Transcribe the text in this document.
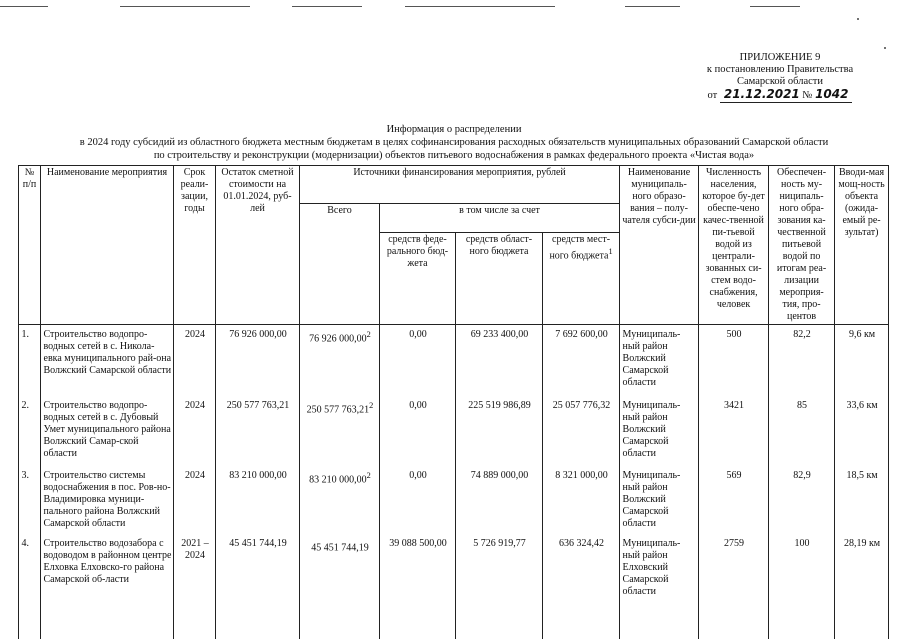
ПРИЛОЖЕНИЕ 9
к постановлению Правительства
Самарской области
от 21.12.2021 № 1042
Информация о распределении
в 2024 году субсидий из областного бюджета местным бюджетам в целях софинансирования расходных обязательств муниципальных образований Самарской области
по строительству и реконструкции (модернизации) объектов питьевого водоснабжения в рамках федерального проекта «Чистая вода»
№ п/п	Наименование мероприятия	Срок реали-зации, годы	Остаток сметной стоимости на 01.01.2024, руб-лей	Источники финансирования мероприятия, рублей				Наименование муниципаль-ного образо-вания – полу-чателя субси-дии	Численность населения, которое бу-дет обеспе-чено качес-твенной пи-тьевой водой из централи-зованных си-стем водо-снабжения, человек	Обеспечен-ность му-ниципаль-ного обра-зования ка-чественной питьевой водой по итогам реа-лизации мероприя-тия, про-центов	Вводи-мая мощ-ность объекта (ожида-емый ре-зультат)
				Всего	в том числе за счет						
					средств феде-рального бюд-жета	средств област-ного бюджета	средств мест-ного бюджета$^1$
1.	Строительство водопро-водных сетей в с. Никола-евка муниципального рай-она Волжский Самарской области	2024	76 926 000,00	76 926 000,00$^2$	0,00	69 233 400,00	7 692 600,00	Муниципаль-ный район Волжский Самарской области	500	82,2	9,6 км
2.	Строительство водопро-водных сетей в с. Дубовый Умет муниципального района Волжский Самар-ской области	2024	250 577 763,21	250 577 763,21$^2$	0,00	225 519 986,89	25 057 776,32	Муниципаль-ный район Волжский Самарской области	3421	85	33,6 км
3.	Строительство системы водоснабжения в пос. Ров-но-Владимировка муници-пального района Волжский Самарской области	2024	83 210 000,00	83 210 000,00$^2$	0,00	74 889 000,00	8 321 000,00	Муниципаль-ный район Волжский Самарской области	569	82,9	18,5 км
4.	Строительство водозабора с водоводом в районном центре Елховка Елховско-го района Самарской об-ласти	2021 – 2024	45 451 744,19	45 451 744,19	39 088 500,00	5 726 919,77	636 324,42	Муниципаль-ный район Елховский Самарской области	2759	100	28,19 км
